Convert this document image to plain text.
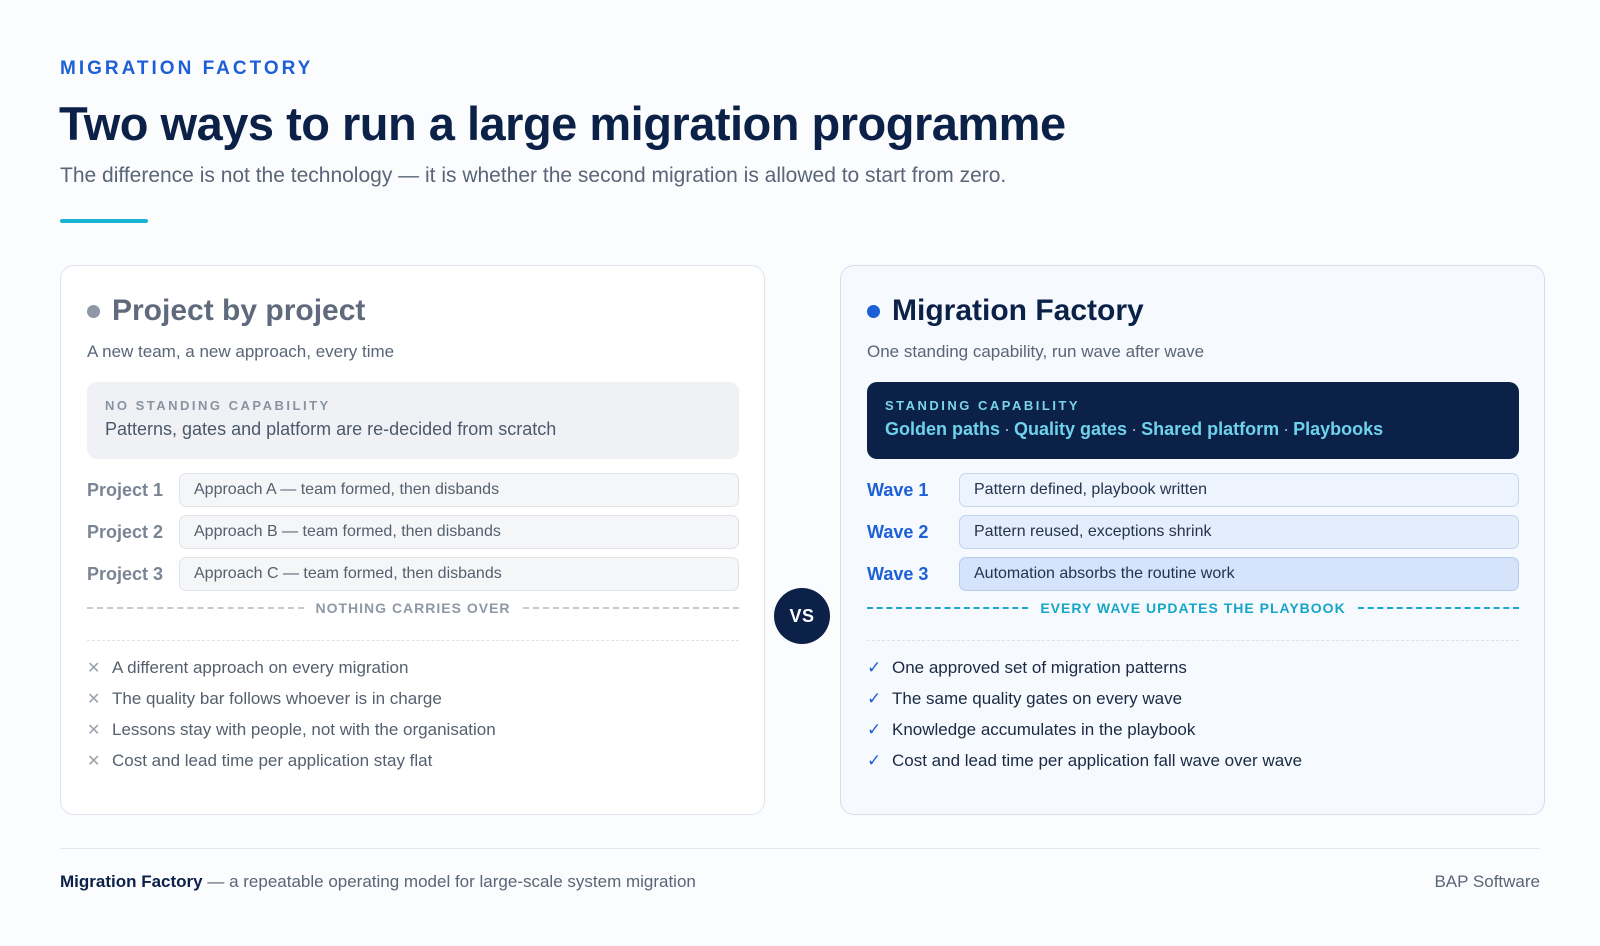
MIGRATION FACTORY
Two ways to run a large migration programme
The difference is not the technology — it is whether the second migration is allowed to start from zero.
Project by project
A new team, a new approach, every time
NO STANDING CAPABILITY
Patterns, gates and platform are re-decided from scratch
Project 1	Approach A — team formed, then disbands
Project 2	Approach B — team formed, then disbands
Project 3	Approach C — team formed, then disbands
NOTHING CARRIES OVER
✕ A different approach on every migration
✕ The quality bar follows whoever is in charge
✕ Lessons stay with people, not with the organisation
✕ Cost and lead time per application stay flat
VS
Migration Factory
One standing capability, run wave after wave
STANDING CAPABILITY
Golden paths · Quality gates · Shared platform · Playbooks
Wave 1	Pattern defined, playbook written
Wave 2	Pattern reused, exceptions shrink
Wave 3	Automation absorbs the routine work
EVERY WAVE UPDATES THE PLAYBOOK
✓ One approved set of migration patterns
✓ The same quality gates on every wave
✓ Knowledge accumulates in the playbook
✓ Cost and lead time per application fall wave over wave
Migration Factory — a repeatable operating model for large-scale system migration	BAP Software
